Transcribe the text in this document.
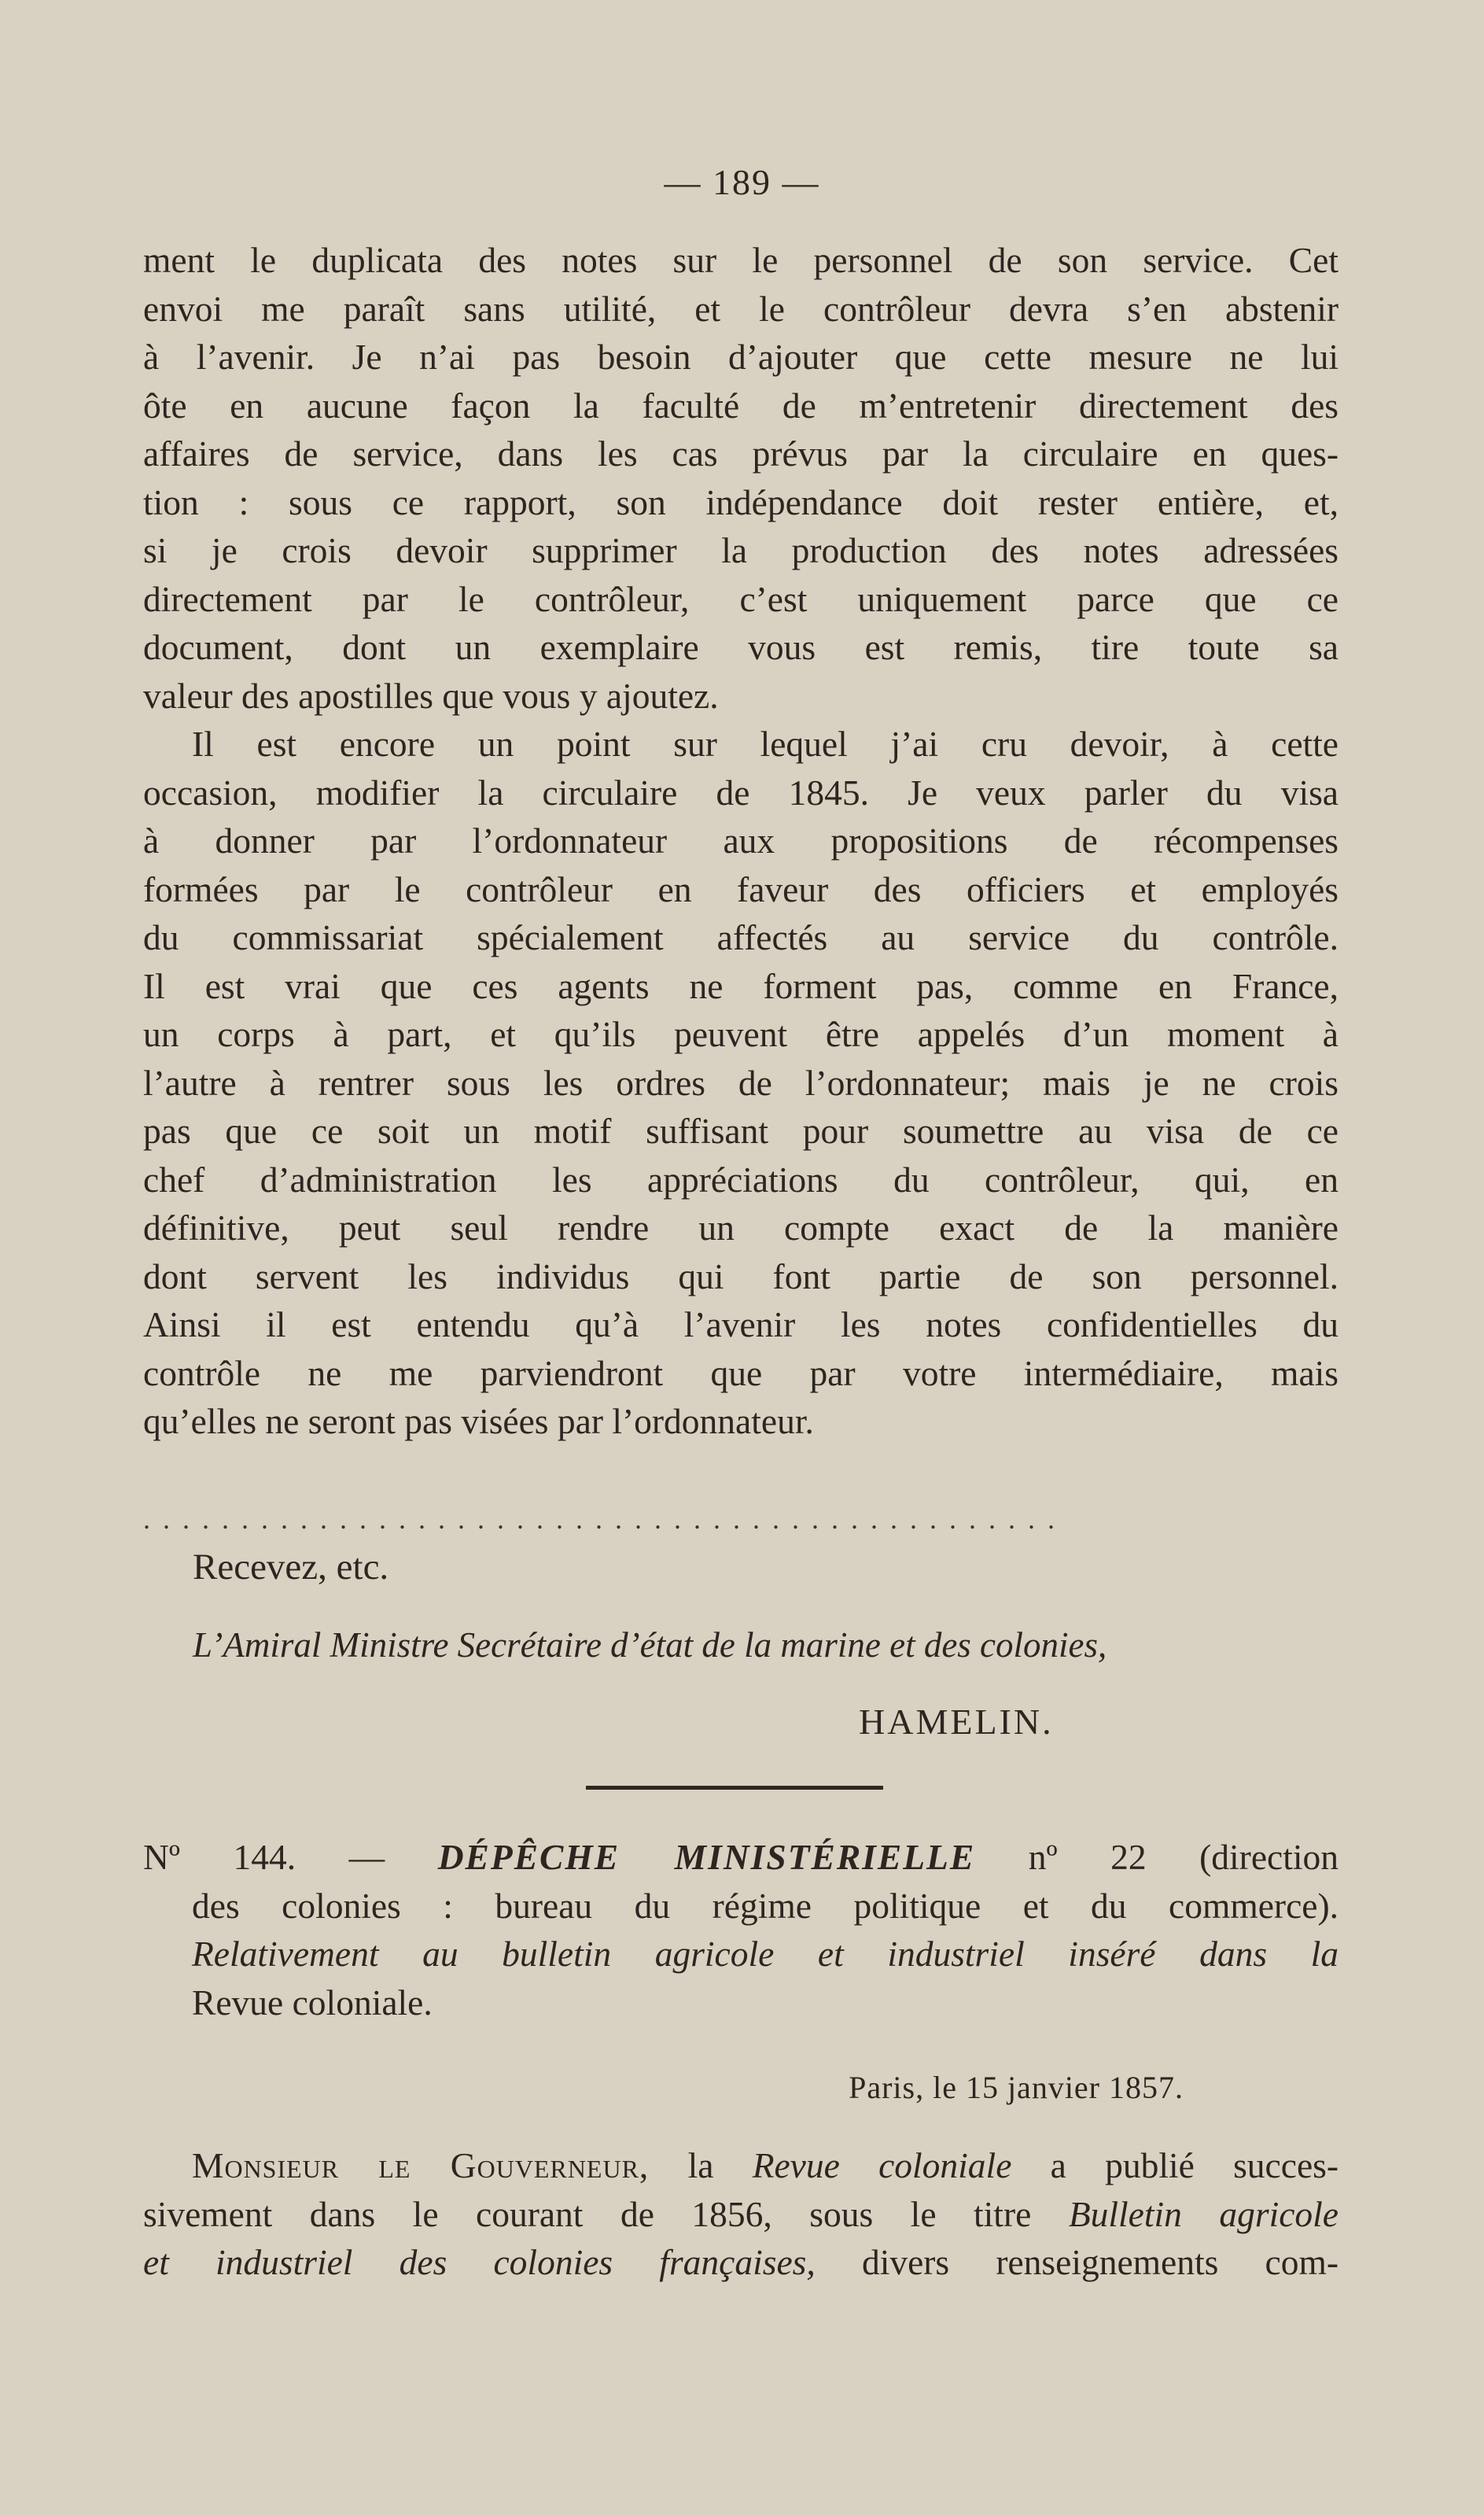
— 189 —

ment le duplicata des notes sur le personnel de son service. Cet
envoi me paraît sans utilité, et le contrôleur devra s’en abstenir
à l’avenir. Je n’ai pas besoin d’ajouter que cette mesure ne lui
ôte en aucune façon la faculté de m’entretenir directement des
affaires de service, dans les cas prévus par la circulaire en ques-
tion : sous ce rapport, son indépendance doit rester entière, et,
si je crois devoir supprimer la production des notes adressées
directement par le contrôleur, c’est uniquement parce que ce
document, dont un exemplaire vous est remis, tire toute sa
valeur des apostilles que vous y ajoutez.

Il est encore un point sur lequel j’ai cru devoir, à cette
occasion, modifier la circulaire de 1845. Je veux parler du visa
à donner par l’ordonnateur aux propositions de récompenses
formées par le contrôleur en faveur des officiers et employés
du commissariat spécialement affectés au service du contrôle.
Il est vrai que ces agents ne forment pas, comme en France,
un corps à part, et qu’ils peuvent être appelés d’un moment à
l’autre à rentrer sous les ordres de l’ordonnateur; mais je ne crois
pas que ce soit un motif suffisant pour soumettre au visa de ce
chef d’administration les appréciations du contrôleur, qui, en
définitive, peut seul rendre un compte exact de la manière
dont servent les individus qui font partie de son personnel.
Ainsi il est entendu qu’à l’avenir les notes confidentielles du
contrôle ne me parviendront que par votre intermédiaire, mais
qu’elles ne seront pas visées par l’ordonnateur.

...............................................
Recevez, etc.
L’Amiral Ministre Secrétaire d’état de la marine et des colonies,
HAMELIN.
Nº 144. — DÉPÊCHE MINISTÉRIELLE nº 22 (direction
des colonies : bureau du régime politique et du commerce).
Relativement au bulletin agricole et industriel inséré dans la
Revue coloniale.
Paris, le 15 janvier 1857.
Monsieur le Gouverneur, la Revue coloniale a publié succes-
sivement dans le courant de 1856, sous le titre Bulletin agricole
et industriel des colonies françaises, divers renseignements com-
